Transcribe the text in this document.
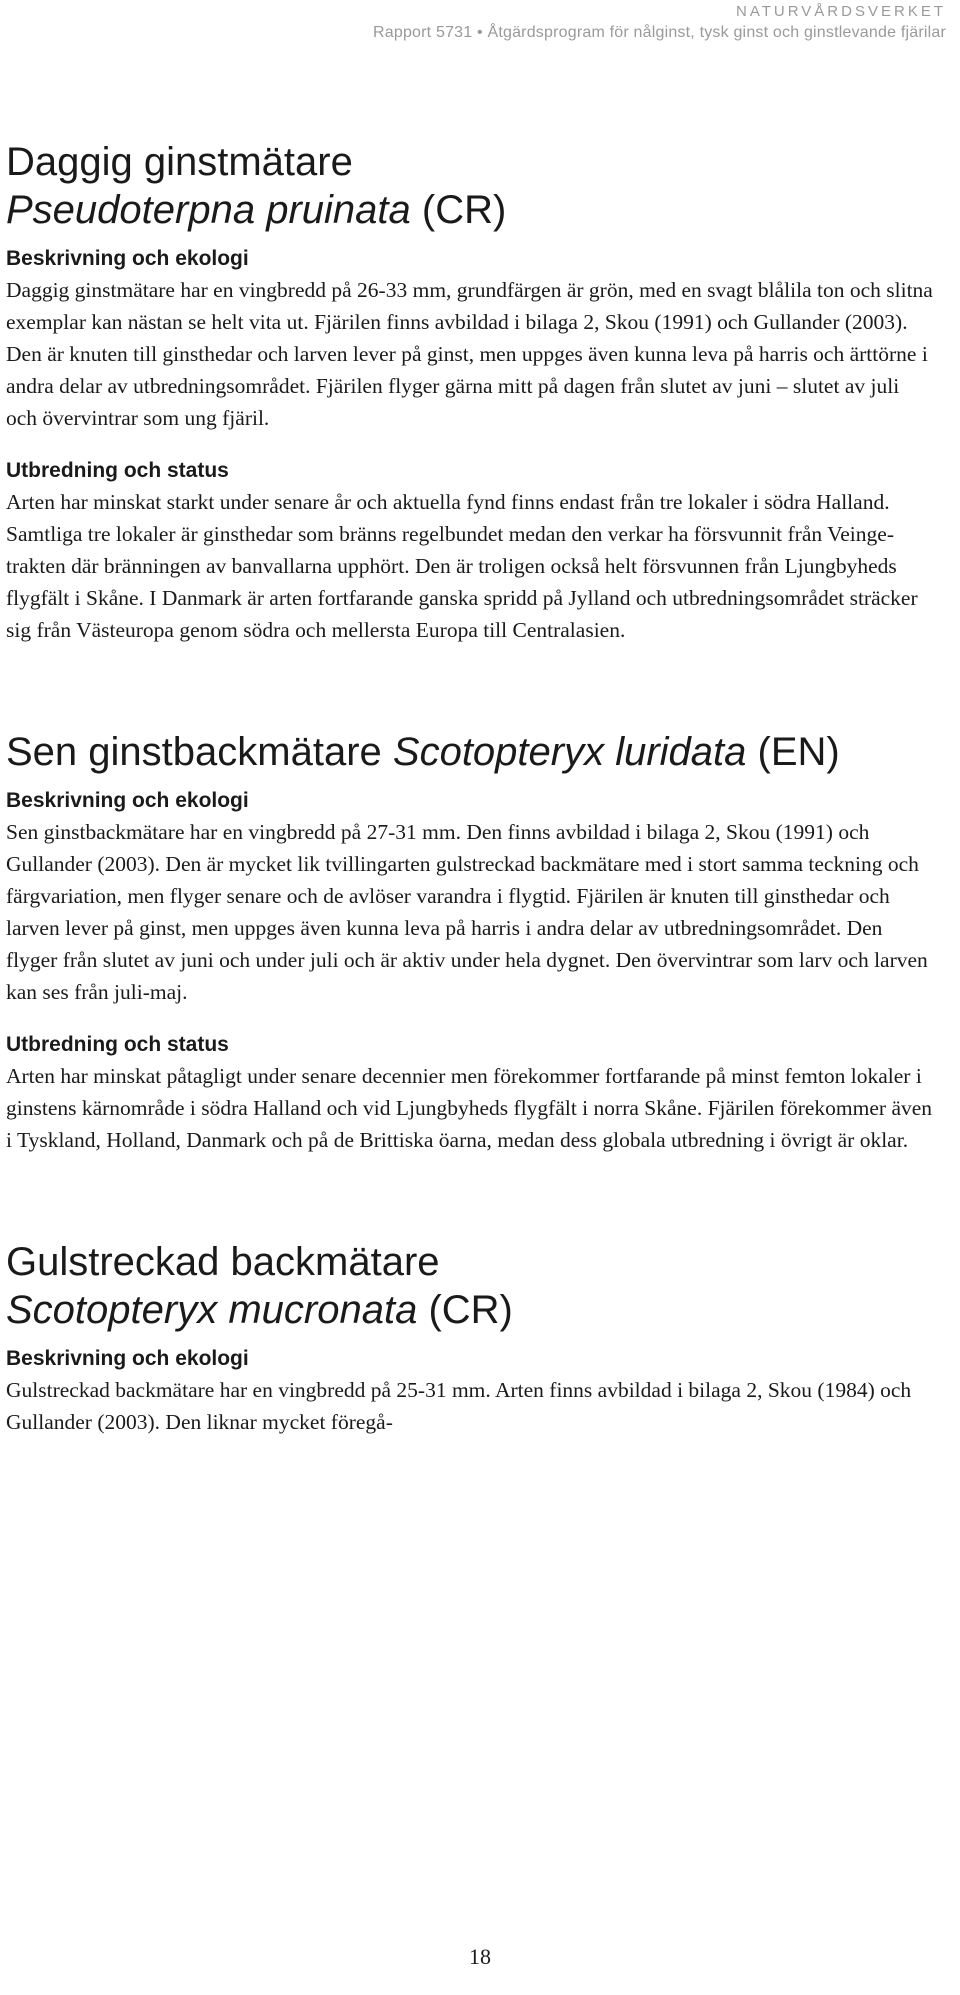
NATURVÅRDSVERKET
Rapport 5731 • Åtgärdsprogram för nålginst, tysk ginst och ginstlevande fjärilar
Daggig ginstmätare
Pseudoterpna pruinata (CR)
Beskrivning och ekologi

Daggig ginstmätare har en vingbredd på 26-33 mm, grundfärgen är grön, med en svagt blålila ton och slitna exemplar kan nästan se helt vita ut. Fjärilen finns avbildad i bilaga 2, Skou (1991) och Gullander (2003). Den är knuten till ginsthedar och larven lever på ginst, men uppges även kunna leva på harris och ärttörne i andra delar av utbredningsområdet. Fjärilen flyger gärna mitt på dagen från slutet av juni – slutet av juli och övervintrar som ung fjäril.

Utbredning och status

Arten har minskat starkt under senare år och aktuella fynd finns endast från tre lokaler i södra Halland. Samtliga tre lokaler är ginsthedar som bränns regelbundet medan den verkar ha försvunnit från Veinge-trakten där bränningen av banvallarna upphört. Den är troligen också helt försvunnen från Ljungbyheds flygfält i Skåne. I Danmark är arten fortfarande ganska spridd på Jylland och utbredningsområdet sträcker sig från Västeuropa genom södra och mellersta Europa till Centralasien.

Sen ginstbackmätare Scotopteryx luridata (EN)
Beskrivning och ekologi

Sen ginstbackmätare har en vingbredd på 27-31 mm. Den finns avbildad i bilaga 2, Skou (1991) och Gullander (2003). Den är mycket lik tvillingarten gulstreckad backmätare med i stort samma teckning och färgvariation, men flyger senare och de avlöser varandra i flygtid. Fjärilen är knuten till ginsthedar och larven lever på ginst, men uppges även kunna leva på harris i andra delar av utbredningsområdet. Den flyger från slutet av juni och under juli och är aktiv under hela dygnet. Den övervintrar som larv och larven kan ses från juli-maj.

Utbredning och status

Arten har minskat påtagligt under senare decennier men förekommer fortfarande på minst femton lokaler i ginstens kärnområde i södra Halland och vid Ljungbyheds flygfält i norra Skåne. Fjärilen förekommer även i Tyskland, Holland, Danmark och på de Brittiska öarna, medan dess globala utbredning i övrigt är oklar.

Gulstreckad backmätare
Scotopteryx mucronata (CR)
Beskrivning och ekologi

Gulstreckad backmätare har en vingbredd på 25-31 mm. Arten finns avbildad i bilaga 2, Skou (1984) och Gullander (2003). Den liknar mycket föregå-

18
